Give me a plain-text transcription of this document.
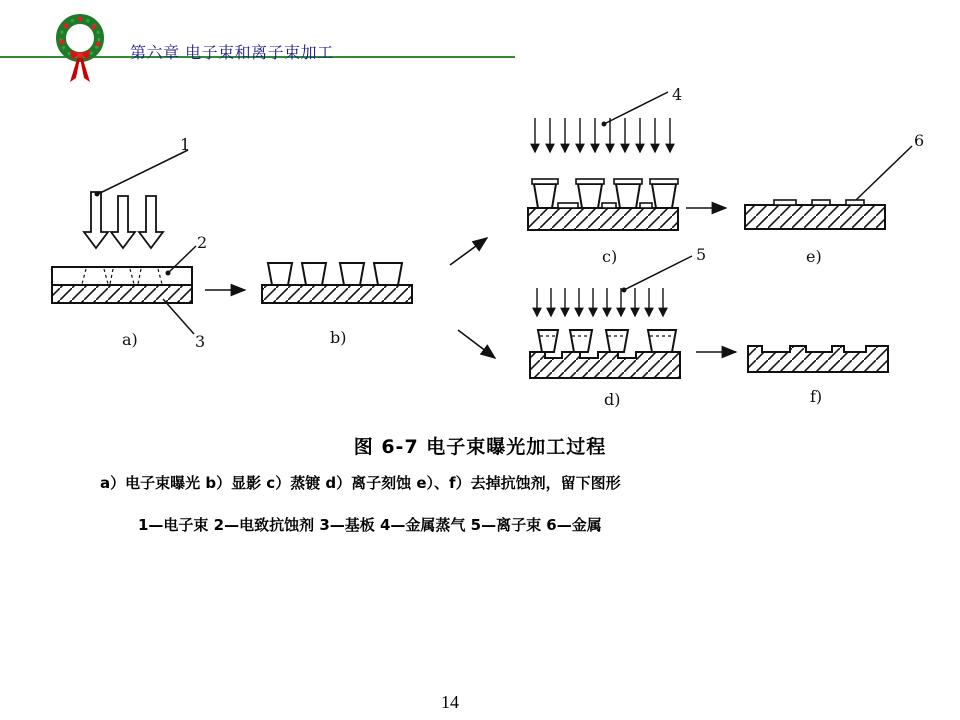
第六章 电子束和离子束加工
1
2
3
a)	b)
c)
4
6
e)
5
d)	f)
图 6-7 电子束曝光加工过程
a）电子束曝光 b）显影 c）蒸镀 d）离子刻蚀 e）、f）去掉抗蚀剂，留下图形
1—电子束 2—电致抗蚀剂 3—基板 4—金属蒸气 5—离子束 6—金属
14
